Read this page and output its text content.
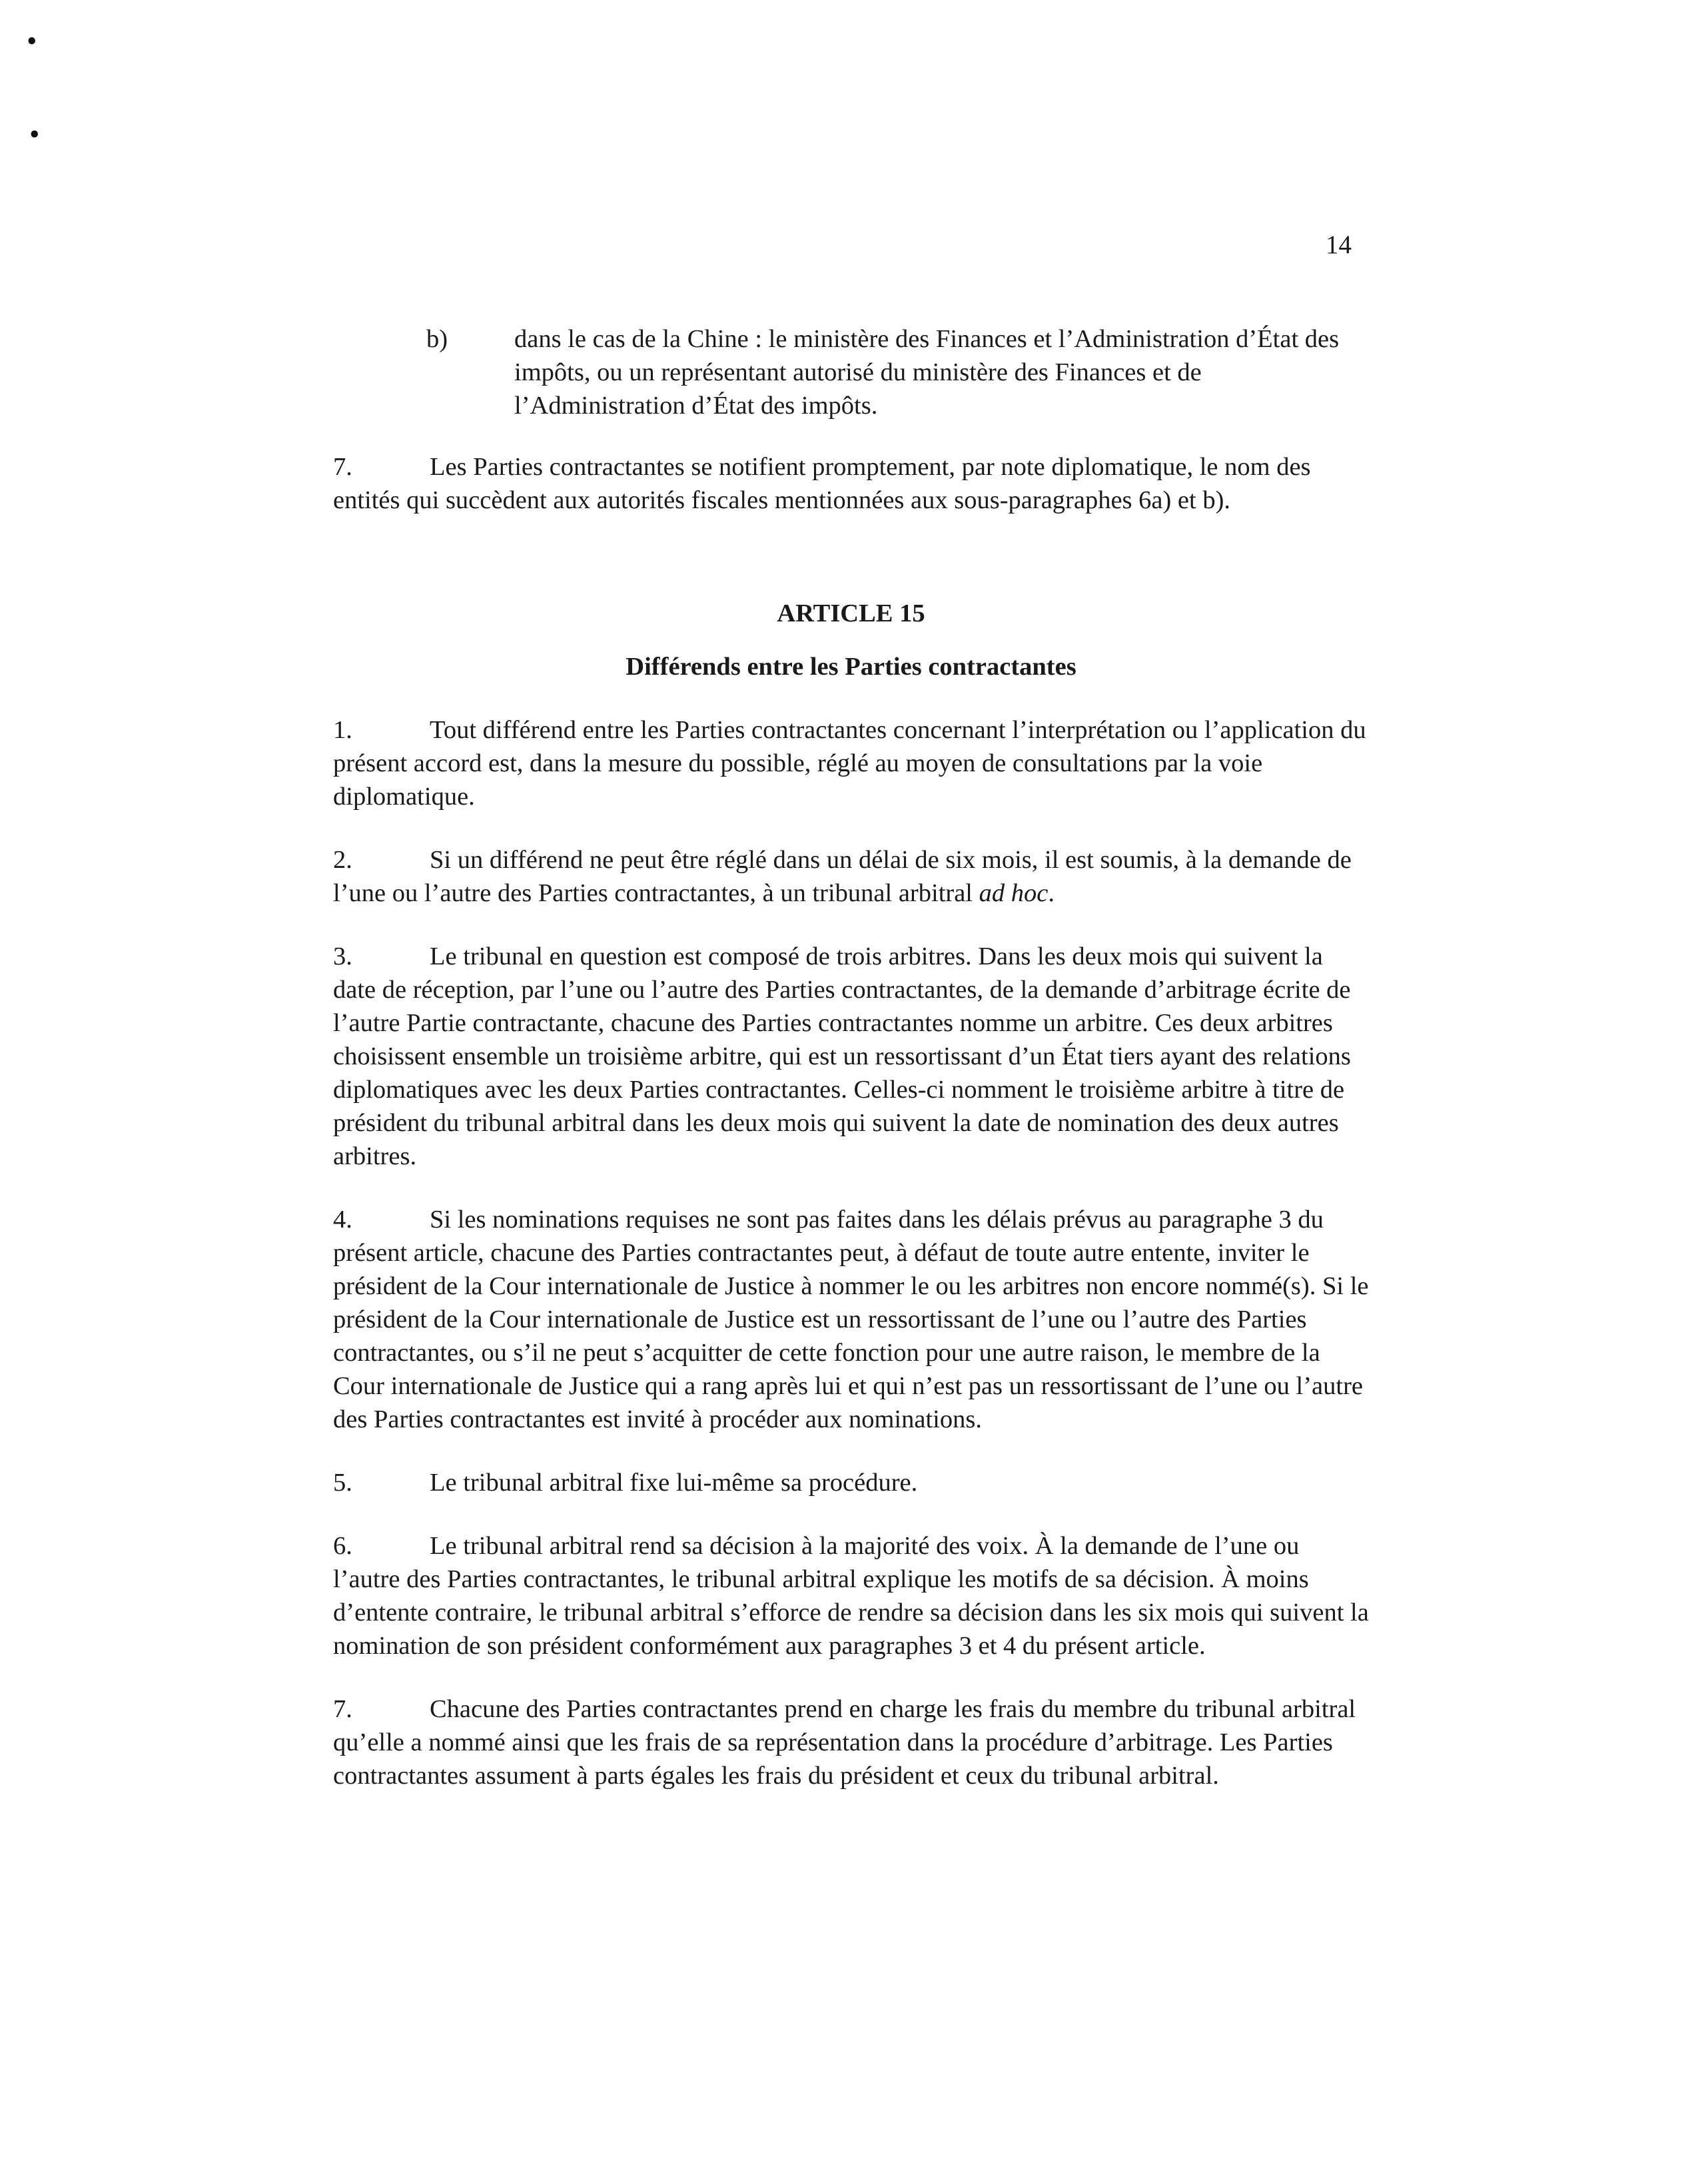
•
•
14
b)	dans le cas de la Chine : le ministère des Finances et l’Administration d’État des impôts, ou un représentant autorisé du ministère des Finances et de l’Administration d’État des impôts.

7.	Les Parties contractantes se notifient promptement, par note diplomatique, le nom des entités qui succèdent aux autorités fiscales mentionnées aux sous-paragraphes 6a) et b).

ARTICLE 15
Différends entre les Parties contractantes

1.	Tout différend entre les Parties contractantes concernant l’interprétation ou l’application du présent accord est, dans la mesure du possible, réglé au moyen de consultations par la voie diplomatique.

2.	Si un différend ne peut être réglé dans un délai de six mois, il est soumis, à la demande de l’une ou l’autre des Parties contractantes, à un tribunal arbitral ad hoc.

3.	Le tribunal en question est composé de trois arbitres. Dans les deux mois qui suivent la date de réception, par l’une ou l’autre des Parties contractantes, de la demande d’arbitrage écrite de l’autre Partie contractante, chacune des Parties contractantes nomme un arbitre. Ces deux arbitres choisissent ensemble un troisième arbitre, qui est un ressortissant d’un État tiers ayant des relations diplomatiques avec les deux Parties contractantes. Celles-ci nomment le troisième arbitre à titre de président du tribunal arbitral dans les deux mois qui suivent la date de nomination des deux autres arbitres.

4.	Si les nominations requises ne sont pas faites dans les délais prévus au paragraphe 3 du présent article, chacune des Parties contractantes peut, à défaut de toute autre entente, inviter le président de la Cour internationale de Justice à nommer le ou les arbitres non encore nommé(s). Si le président de la Cour internationale de Justice est un ressortissant de l’une ou l’autre des Parties contractantes, ou s’il ne peut s’acquitter de cette fonction pour une autre raison, le membre de la Cour internationale de Justice qui a rang après lui et qui n’est pas un ressortissant de l’une ou l’autre des Parties contractantes est invité à procéder aux nominations.

5.	Le tribunal arbitral fixe lui-même sa procédure.

6.	Le tribunal arbitral rend sa décision à la majorité des voix. À la demande de l’une ou l’autre des Parties contractantes, le tribunal arbitral explique les motifs de sa décision. À moins d’entente contraire, le tribunal arbitral s’efforce de rendre sa décision dans les six mois qui suivent la nomination de son président conformément aux paragraphes 3 et 4 du présent article.

7.	Chacune des Parties contractantes prend en charge les frais du membre du tribunal arbitral qu’elle a nommé ainsi que les frais de sa représentation dans la procédure d’arbitrage. Les Parties contractantes assument à parts égales les frais du président et ceux du tribunal arbitral.
